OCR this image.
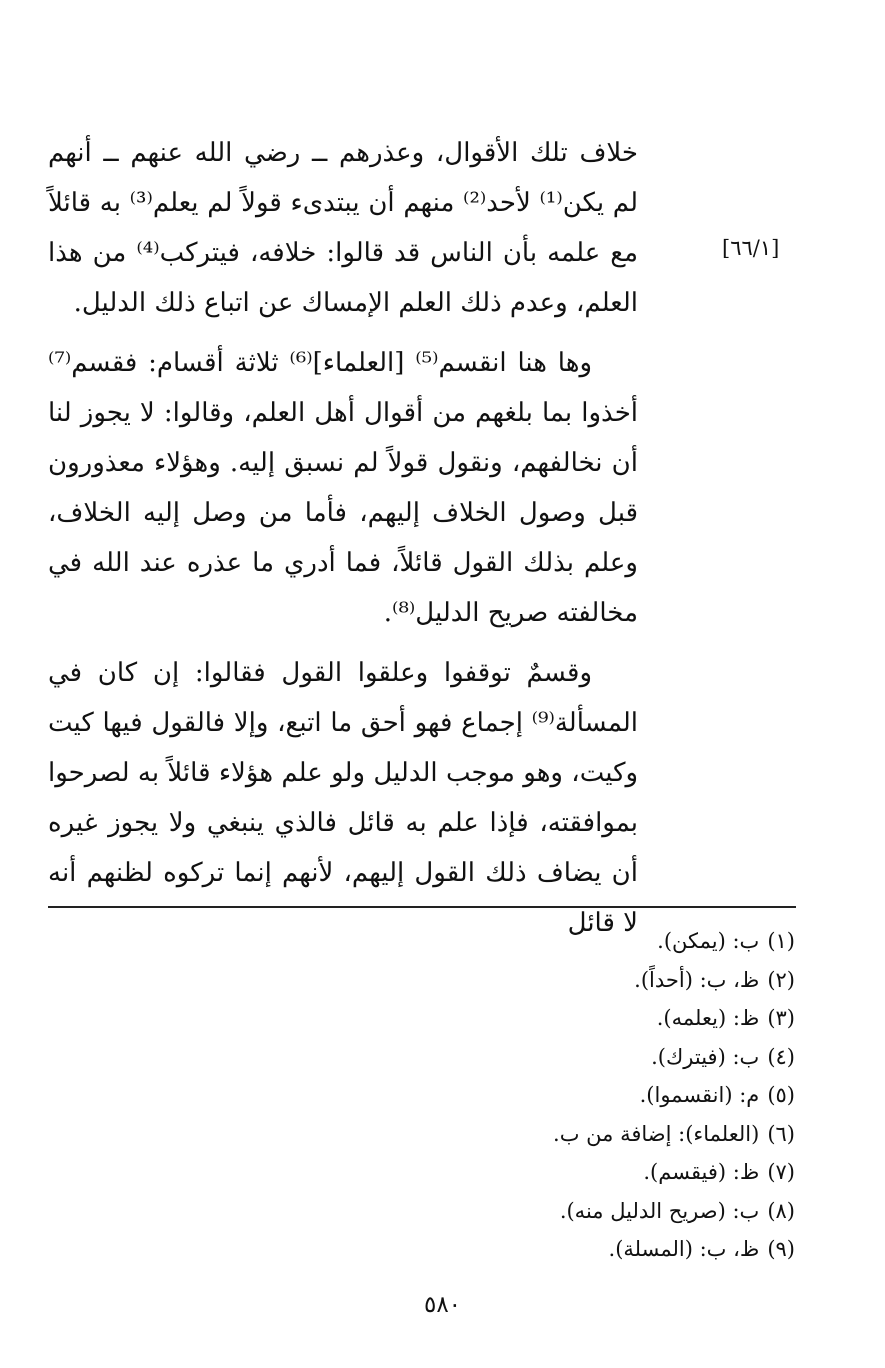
[٦٦/١]

خلاف تلك الأقوال، وعذرهم ــ رضي الله عنهم ــ أنهم لم يكن⁽¹⁾ لأحد⁽²⁾ منهم أن يبتدىء قولاً لم يعلم⁽³⁾ به قائلاً مع علمه بأن الناس قد قالوا: خلافه، فيتركب⁽⁴⁾ من هذا العلم، وعدم ذلك العلم الإمساك عن اتباع ذلك الدليل.

وها هنا انقسم⁽⁵⁾ [العلماء]⁽⁶⁾ ثلاثة أقسام: فقسم⁽⁷⁾ أخذوا بما بلغهم من أقوال أهل العلم، وقالوا: لا يجوز لنا أن نخالفهم، ونقول قولاً لم نسبق إليه. وهؤلاء معذورون قبل وصول الخلاف إليهم، فأما من وصل إليه الخلاف، وعلم بذلك القول قائلاً، فما أدري ما عذره عند الله في مخالفته صريح الدليل⁽⁸⁾.

وقسمٌ توقفوا وعلقوا القول فقالوا: إن كان في المسألة⁽⁹⁾ إجماع فهو أحق ما اتبع، وإلا فالقول فيها كيت وكيت، وهو موجب الدليل ولو علم هؤلاء قائلاً به لصرحوا بموافقته، فإذا علم به قائل فالذي ينبغي ولا يجوز غيره أن يضاف ذلك القول إليهم، لأنهم إنما تركوه لظنهم أنه لا قائل

(١)ب: (يمكن).
(٢)ظ، ب: (أحداً).
(٣)ظ: (يعلمه).
(٤)ب: (فيترك).
(٥)م: (انقسموا).
(٦)(العلماء): إضافة من ب.
(٧)ظ: (فيقسم).
(٨)ب: (صريح الدليل منه).
(٩)ظ، ب: (المسلة).
٥٨٠
